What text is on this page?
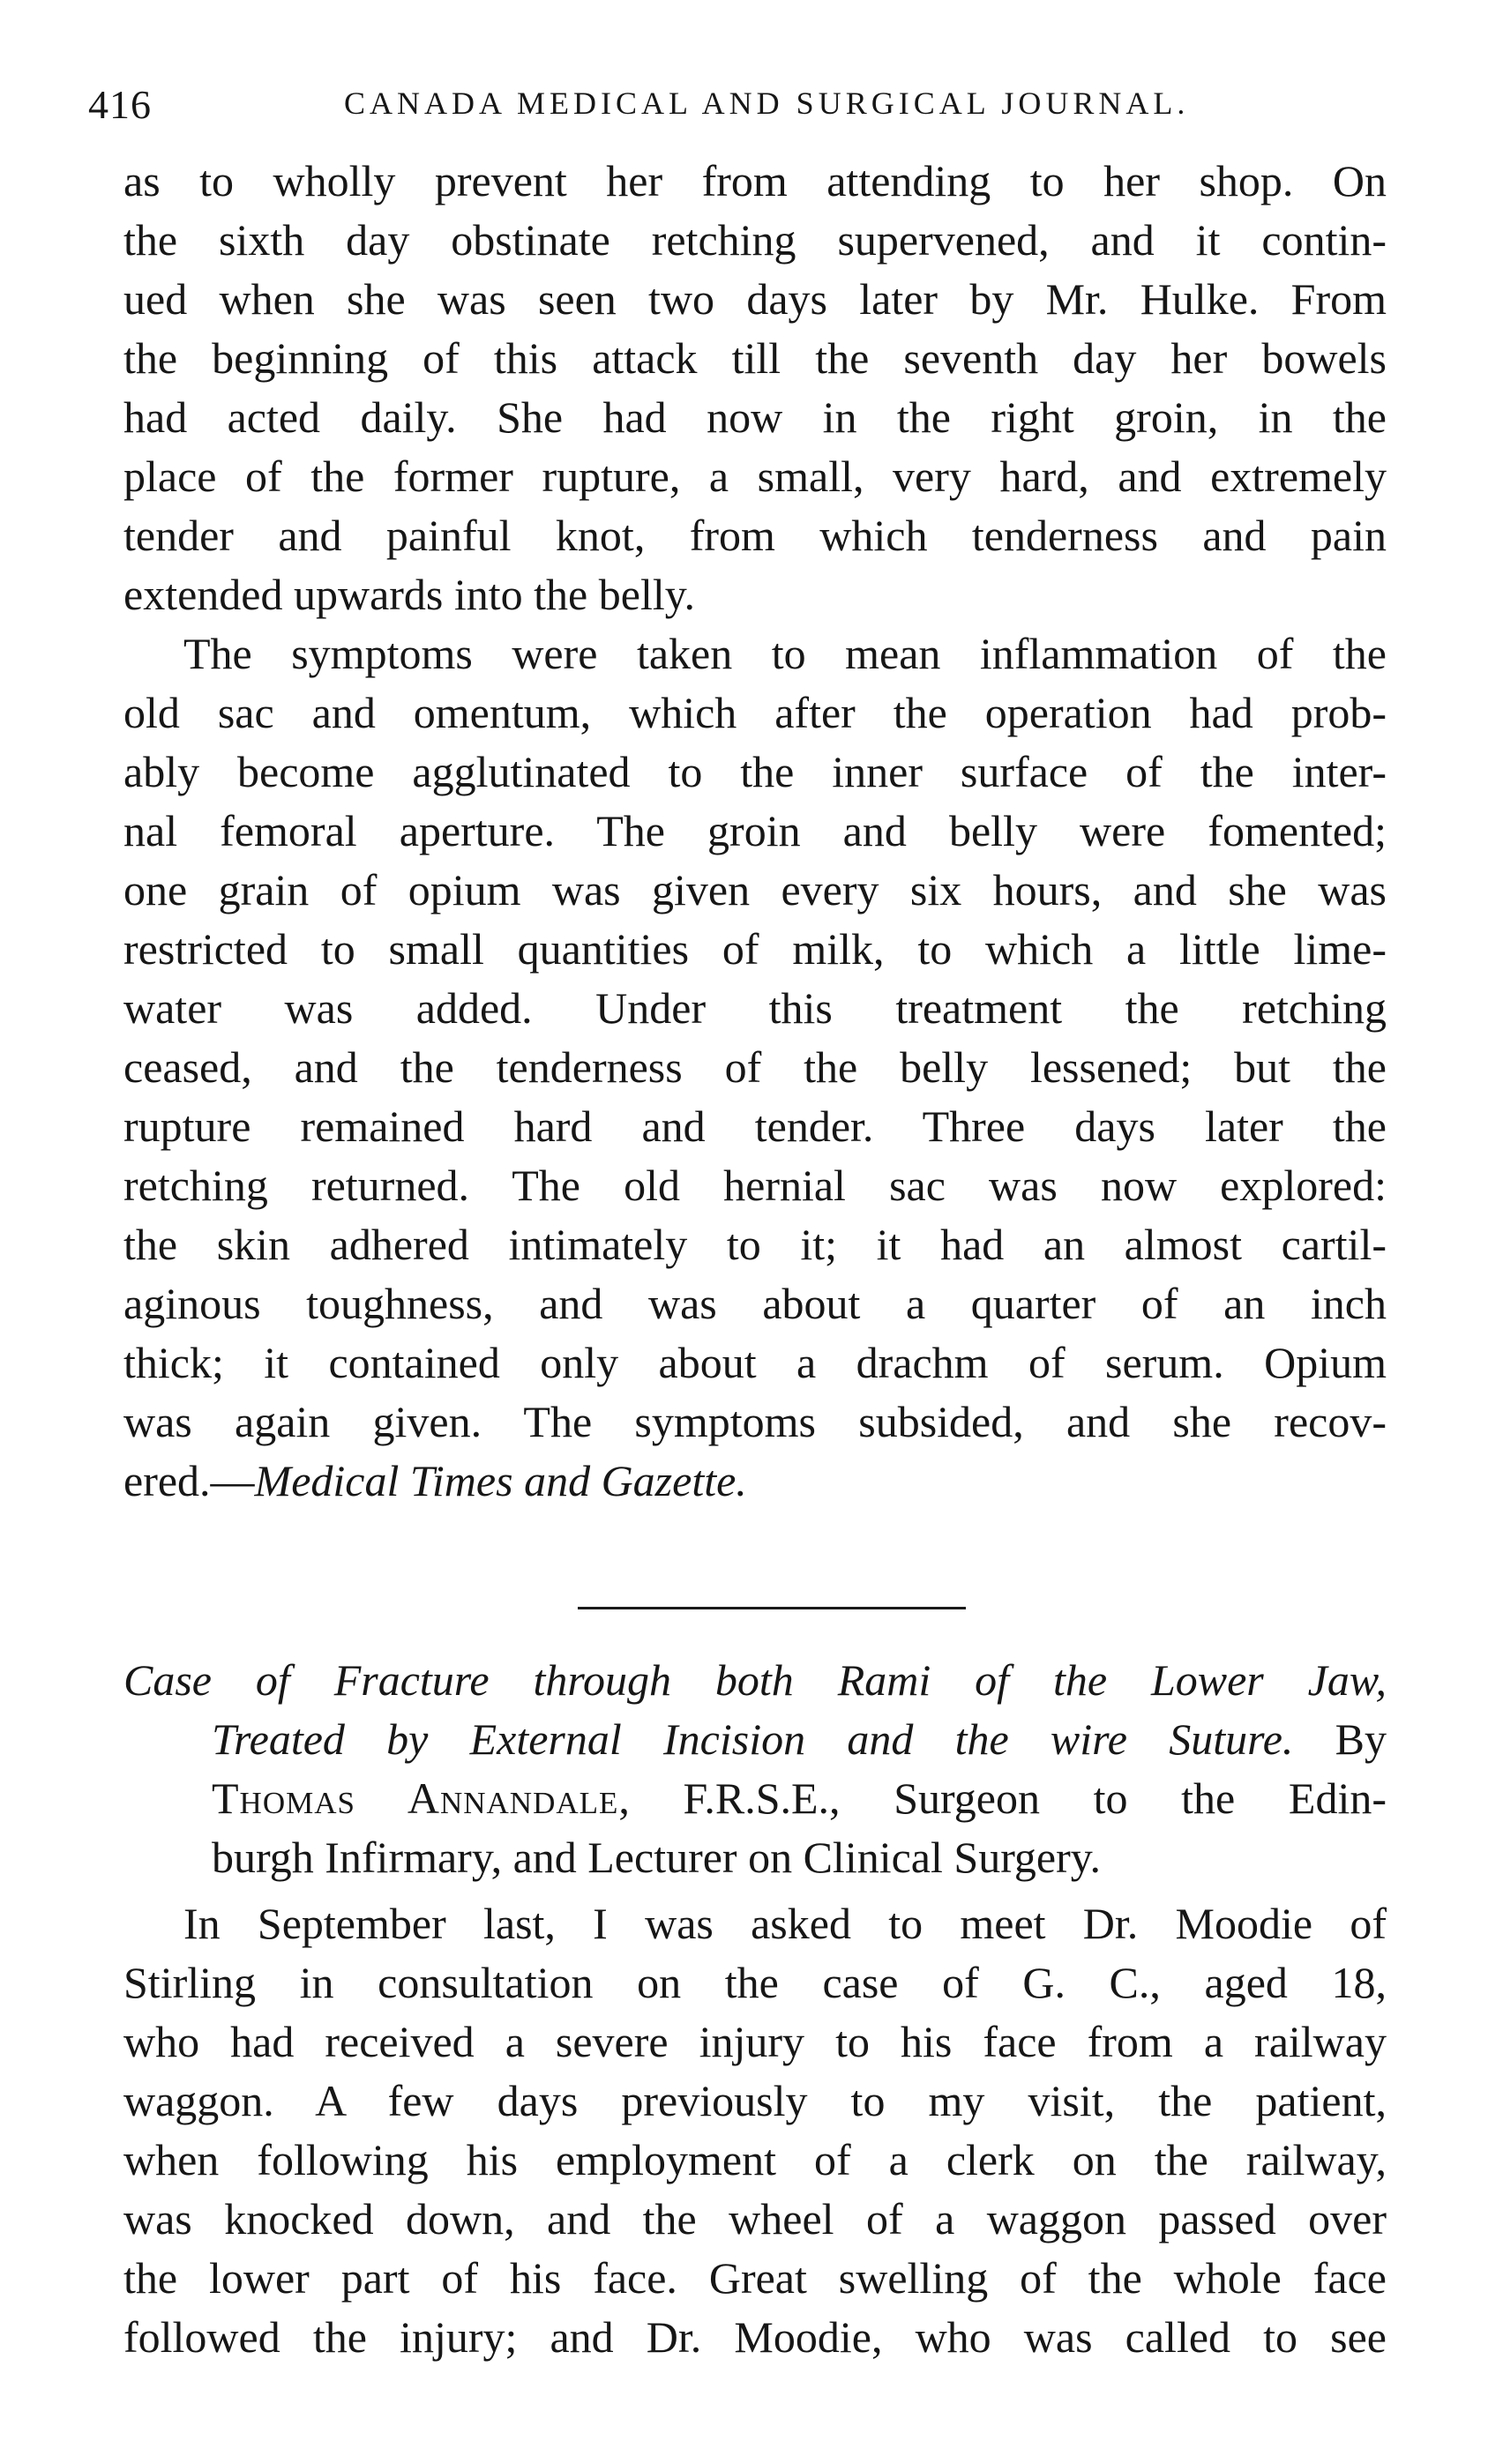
416	CANADA MEDICAL AND SURGICAL JOURNAL.
as to wholly prevent her from attending to her shop. On
the sixth day obstinate retching supervened, and it contin-
ued when she was seen two days later by Mr. Hulke. From
the beginning of this attack till the seventh day her bowels
had acted daily. She had now in the right groin, in the
place of the former rupture, a small, very hard, and extremely
tender and painful knot, from which tenderness and pain
extended upwards into the belly.
The symptoms were taken to mean inflammation of the
old sac and omentum, which after the operation had prob-
ably become agglutinated to the inner surface of the inter-
nal femoral aperture. The groin and belly were fomented;
one grain of opium was given every six hours, and she was
restricted to small quantities of milk, to which a little lime-
water was added. Under this treatment the retching
ceased, and the tenderness of the belly lessened; but the
rupture remained hard and tender. Three days later the
retching returned. The old hernial sac was now explored:
the skin adhered intimately to it; it had an almost cartil-
aginous toughness, and was about a quarter of an inch
thick; it contained only about a drachm of serum. Opium
was again given. The symptoms subsided, and she recov-
ered.—Medical Times and Gazette.
Case of Fracture through both Rami of the Lower Jaw,
Treated by External Incision and the wire Suture. By
Thomas Annandale, F.R.S.E., Surgeon to the Edin-
burgh Infirmary, and Lecturer on Clinical Surgery.
In September last, I was asked to meet Dr. Moodie of
Stirling in consultation on the case of G. C., aged 18,
who had received a severe injury to his face from a railway
waggon. A few days previously to my visit, the patient,
when following his employment of a clerk on the railway,
was knocked down, and the wheel of a waggon passed over
the lower part of his face. Great swelling of the whole face
followed the injury; and Dr. Moodie, who was called to see
